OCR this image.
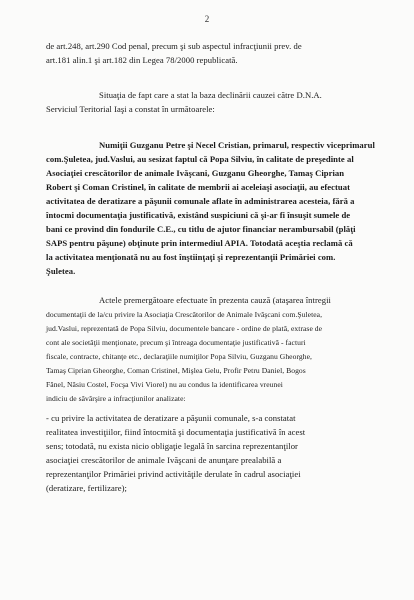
2
de art.248, art.290 Cod penal, precum şi sub aspectul infracţiunii prev. de
art.181 alin.1 şi art.182 din Legea 78/2000 republicată.
Situaţia de fapt care a stat la baza declinării cauzei către D.N.A.
Serviciul Teritorial Iaşi a constat în următoarele:
Numiţii Guzganu Petre şi Necel Cristian, primarul, respectiv viceprimarul
com.Şuletea, jud.Vaslui, au sesizat faptul că Popa Silviu, în calitate de preşedinte al
Asociaţiei crescătorilor de animale Ivăşcani, Guzganu Gheorghe, Tamaş Ciprian
Robert şi Coman Cristinel, în calitate de membrii ai aceleiaşi asociaţii, au efectuat
activitatea de deratizare a păşunii comunale aflate în administrarea acesteia, fără a
întocmi documentaţia justificativă, existând suspiciuni că şi-ar fi însuşit sumele de
bani ce provind din fondurile C.E., cu titlu de ajutor financiar nerambursabil (plăţi
SAPS pentru păşune) obţinute prin intermediul APIA. Totodată aceştia reclamă că
la activitatea menţionată nu au fost înştiinţaţi şi reprezentanţii Primăriei com.
Şuletea.
Actele premergătoare efectuate în prezenta cauză (ataşarea întregii
documentaţii de la/cu privire la Asociaţia Crescătorilor de Animale Ivăşcani com.Şuletea,
jud.Vaslui, reprezentată de Popa Silviu, documentele bancare - ordine de plată, extrase de
cont ale societăţii menţionate, precum şi întreaga documentaţie justificativă - facturi
fiscale, contracte, chitanţe etc., declaraţiile numiţilor Popa Silviu, Guzganu Gheorghe,
Tamaş Ciprian Gheorghe, Coman Cristinel, Mişlea Gelu, Profir Petru Daniel, Bogos
Fănel, Năsiu Costel, Focşa Vivi Viorel) nu au condus la identificarea vreunei
indiciu de săvârşire a infracţiunilor analizate:
- cu privire la activitatea de deratizare a păşunii comunale, s-a constatat
realitatea investiţiilor, fiind întocmită şi documentaţia justificativă în acest
sens; totodată, nu exista nicio obligaţie legală în sarcina reprezentanţilor
asociaţiei crescătorilor de animale Ivăşcani de anunţare prealabilă a
reprezentanţilor Primăriei privind activităţile derulate în cadrul asociaţiei
(deratizare, fertilizare);
